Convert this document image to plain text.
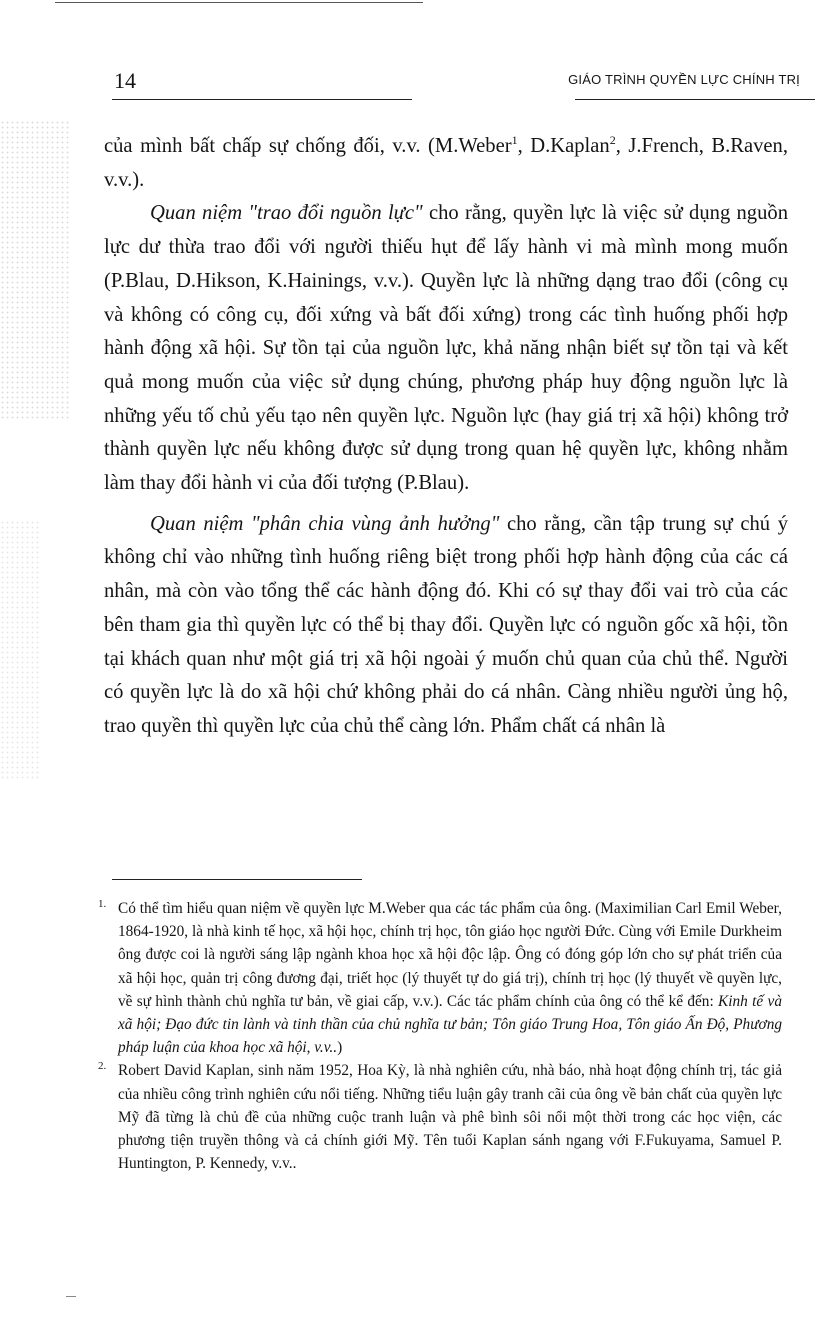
14	GIÁO TRÌNH QUYỀN LỰC CHÍNH TRỊ

của mình bất chấp sự chống đối, v.v. (M.Weber$^1$, D.Kaplan$^2$, J.French, B.Raven, v.v.).

Quan niệm "trao đổi nguồn lực" cho rằng, quyền lực là việc sử dụng nguồn lực dư thừa trao đổi với người thiếu hụt để lấy hành vi mà mình mong muốn (P.Blau, D.Hikson, K.Hainings, v.v.). Quyền lực là những dạng trao đổi (công cụ và không có công cụ, đối xứng và bất đối xứng) trong các tình huống phối hợp hành động xã hội. Sự tồn tại của nguồn lực, khả năng nhận biết sự tồn tại và kết quả mong muốn của việc sử dụng chúng, phương pháp huy động nguồn lực là những yếu tố chủ yếu tạo nên quyền lực. Nguồn lực (hay giá trị xã hội) không trở thành quyền lực nếu không được sử dụng trong quan hệ quyền lực, không nhằm làm thay đổi hành vi của đối tượng (P.Blau).

Quan niệm "phân chia vùng ảnh hưởng" cho rằng, cần tập trung sự chú ý không chỉ vào những tình huống riêng biệt trong phối hợp hành động của các cá nhân, mà còn vào tổng thể các hành động đó. Khi có sự thay đổi vai trò của các bên tham gia thì quyền lực có thể bị thay đổi. Quyền lực có nguồn gốc xã hội, tồn tại khách quan như một giá trị xã hội ngoài ý muốn chủ quan của chủ thể. Người có quyền lực là do xã hội chứ không phải do cá nhân. Càng nhiều người ủng hộ, trao quyền thì quyền lực của chủ thể càng lớn. Phẩm chất cá nhân là

1. Có thể tìm hiểu quan niệm về quyền lực M.Weber qua các tác phẩm của ông. (Maximilian Carl Emil Weber, 1864-1920, là nhà kinh tế học, xã hội học, chính trị học, tôn giáo học người Đức. Cùng với Emile Durkheim ông được coi là người sáng lập ngành khoa học xã hội độc lập. Ông có đóng góp lớn cho sự phát triển của xã hội học, quản trị công đương đại, triết học (lý thuyết tự do giá trị), chính trị học (lý thuyết về quyền lực, về sự hình thành chủ nghĩa tư bản, về giai cấp, v.v.). Các tác phẩm chính của ông có thể kể đến: Kinh tế và xã hội; Đạo đức tin lành và tinh thần của chủ nghĩa tư bản; Tôn giáo Trung Hoa, Tôn giáo Ấn Độ, Phương pháp luận của khoa học xã hội, v.v..)

2. Robert David Kaplan, sinh năm 1952, Hoa Kỳ, là nhà nghiên cứu, nhà báo, nhà hoạt động chính trị, tác giả của nhiều công trình nghiên cứu nổi tiếng. Những tiểu luận gây tranh cãi của ông về bản chất của quyền lực Mỹ đã từng là chủ đề của những cuộc tranh luận và phê bình sôi nổi một thời trong các học viện, các phương tiện truyền thông và cả chính giới Mỹ. Tên tuổi Kaplan sánh ngang với F.Fukuyama, Samuel P. Huntington, P. Kennedy, v.v..
